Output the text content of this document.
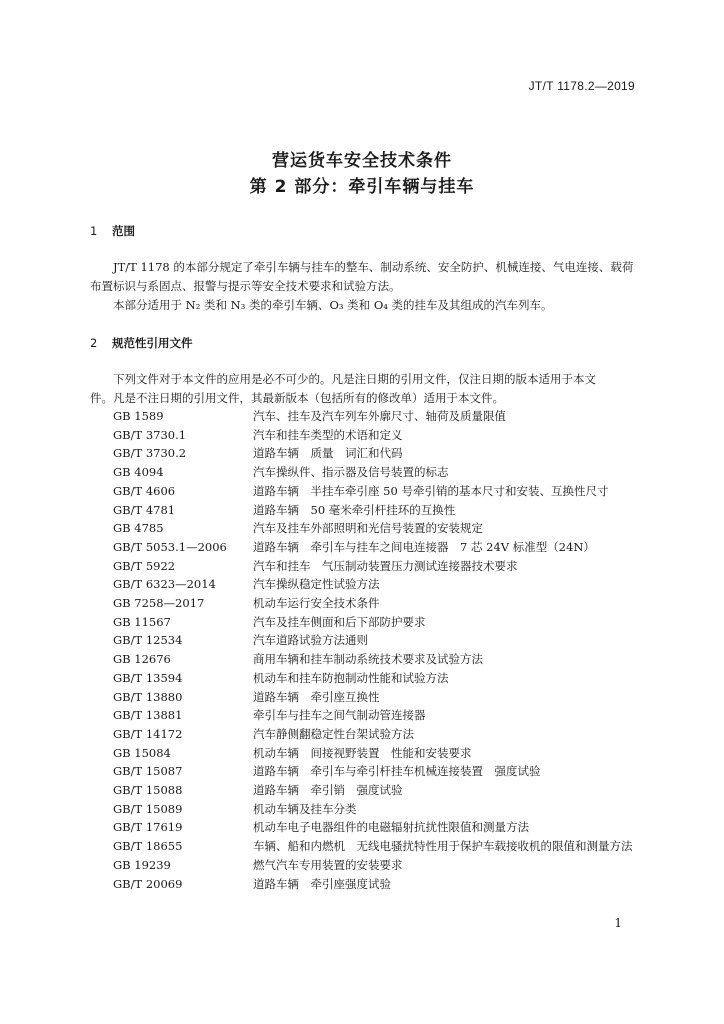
JT/T 1178.2—2019
营运货车安全技术条件
第 2 部分：牵引车辆与挂车
1 范围

JT/T 1178 的本部分规定了牵引车辆与挂车的整车、制动系统、安全防护、机械连接、气电连接、载荷

布置标识与系固点、报警与提示等安全技术要求和试验方法。

本部分适用于 N₂ 类和 N₃ 类的牵引车辆、O₃ 类和 O₄ 类的挂车及其组成的汽车列车。

2 规范性引用文件

下列文件对于本文件的应用是必不可少的。凡是注日期的引用文件，仅注日期的版本适用于本文

件。凡是不注日期的引用文件，其最新版本（包括所有的修改单）适用于本文件。

GB 1589	汽车、挂车及汽车列车外廓尺寸、轴荷及质量限值
GB/T 3730.1	汽车和挂车类型的术语和定义
GB/T 3730.2	道路车辆　质量　词汇和代码
GB 4094	汽车操纵件、指示器及信号装置的标志
GB/T 4606	道路车辆　半挂车牵引座 50 号牵引销的基本尺寸和安装、互换性尺寸
GB/T 4781	道路车辆　50 毫米牵引杆挂环的互换性
GB 4785	汽车及挂车外部照明和光信号装置的安装规定
GB/T 5053.1—2006	道路车辆　牵引车与挂车之间电连接器　7 芯 24V 标准型（24N）
GB/T 5922	汽车和挂车　气压制动装置压力测试连接器技术要求
GB/T 6323—2014	汽车操纵稳定性试验方法
GB 7258—2017	机动车运行安全技术条件
GB 11567	汽车及挂车侧面和后下部防护要求
GB/T 12534	汽车道路试验方法通则
GB 12676	商用车辆和挂车制动系统技术要求及试验方法
GB/T 13594	机动车和挂车防抱制动性能和试验方法
GB/T 13880	道路车辆　牵引座互换性
GB/T 13881	牵引车与挂车之间气制动管连接器
GB/T 14172	汽车静侧翻稳定性台架试验方法
GB 15084	机动车辆　间接视野装置　性能和安装要求
GB/T 15087	道路车辆　牵引车与牵引杆挂车机械连接装置　强度试验
GB/T 15088	道路车辆　牵引销　强度试验
GB/T 15089	机动车辆及挂车分类
GB/T 17619	机动车电子电器组件的电磁辐射抗扰性限值和测量方法
GB/T 18655	车辆、船和内燃机　无线电骚扰特性用于保护车载接收机的限值和测量方法
GB 19239	燃气汽车专用装置的安装要求
GB/T 20069	道路车辆　牵引座强度试验
1
